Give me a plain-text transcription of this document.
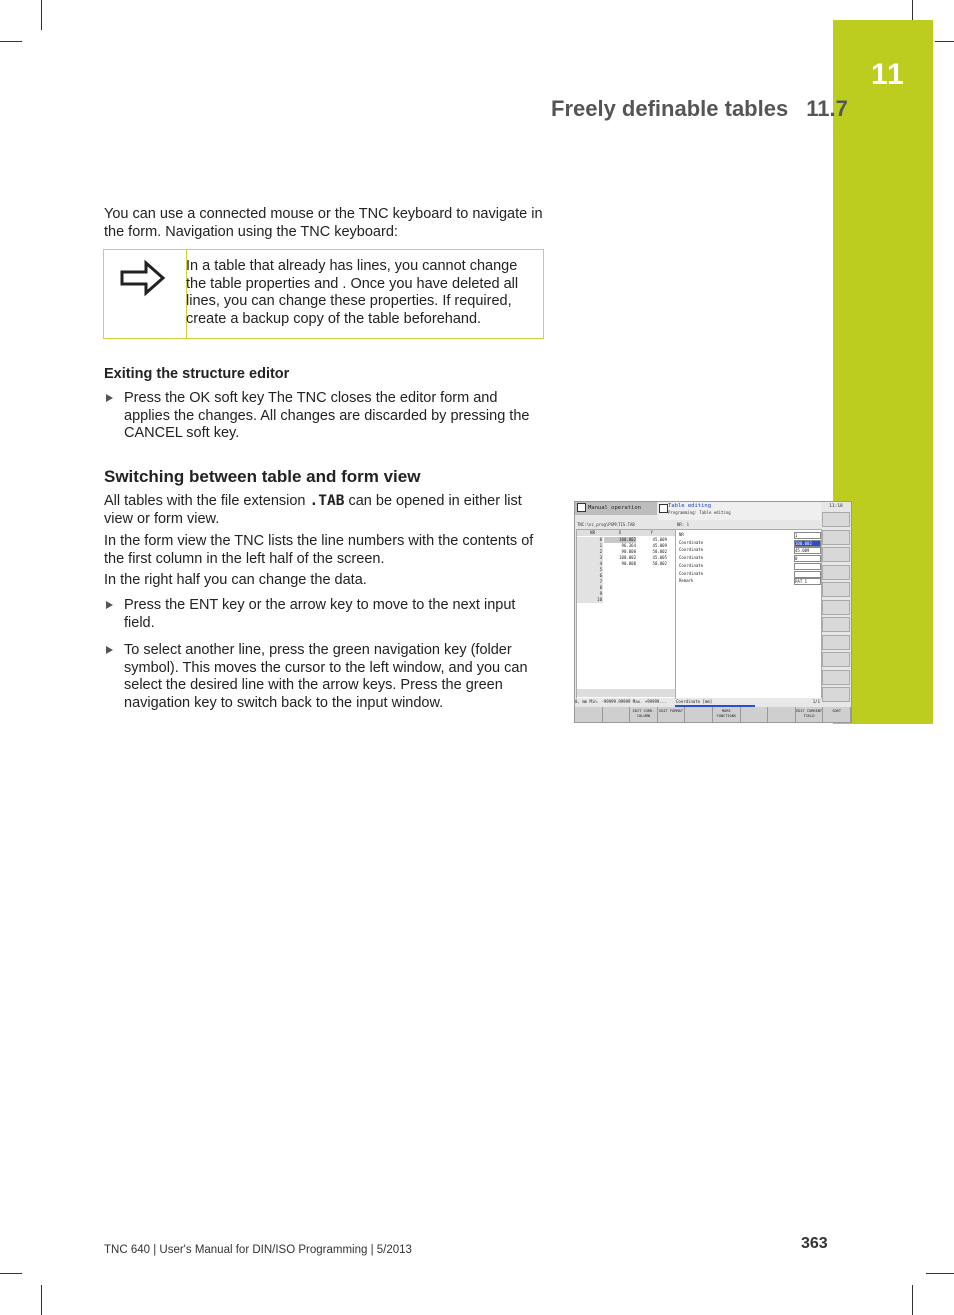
11
Freely definable tables 11.7

You can use a connected mouse or the TNC keyboard to navigate in the form. Navigation using the TNC keyboard:

In a table that already has lines, you cannot change the table properties and . Once you have deleted all lines, you can change these properties. If required, create a backup copy of the table beforehand.
Exiting the structure editor
Press the OK soft key The TNC closes the editor form and applies the changes. All changes are discarded by pressing the CANCEL soft key.
Switching between table and form view

All tables with the file extension .TAB can be opened in either list view or form view.

In the form view the TNC lists the line numbers with the contents of the first column in the left half of the screen.

In the right half you can change the data.

Press the ENT key or the arrow key to move to the next input field.
To select another line, press the green navigation key (folder symbol). This moves the cursor to the left window, and you can select the desired line with the arrow keys. Press the green navigation key to switch back to the input window.
Manual operation	Table editing
Programming: Table editing
11:18
TNC:\nc_prog\PGM\TIS.TAB	NR: 1
NR	X	Y
0	100.002	45.009
1	96.364	45.009
2	90.008	50.002
3	100.002	45.005
4	90.008	50.002
5
6
7
8
9
10
NR	1
Coordinate	100.002
Coordinate	45.009
Coordinate	0
Coordinate
Coordinate
Remark	PAT 1
Coordinate [mm]	1/1
0, mm Min. -99999.99999 Max. +99999...
EDIT CURR. COLUMN
EDIT FORMAT	MORE FUNCTIONS
EDIT CURRENT FIELD
SORT
TNC 640 | User's Manual for DIN/ISO Programming | 5/2013	363
